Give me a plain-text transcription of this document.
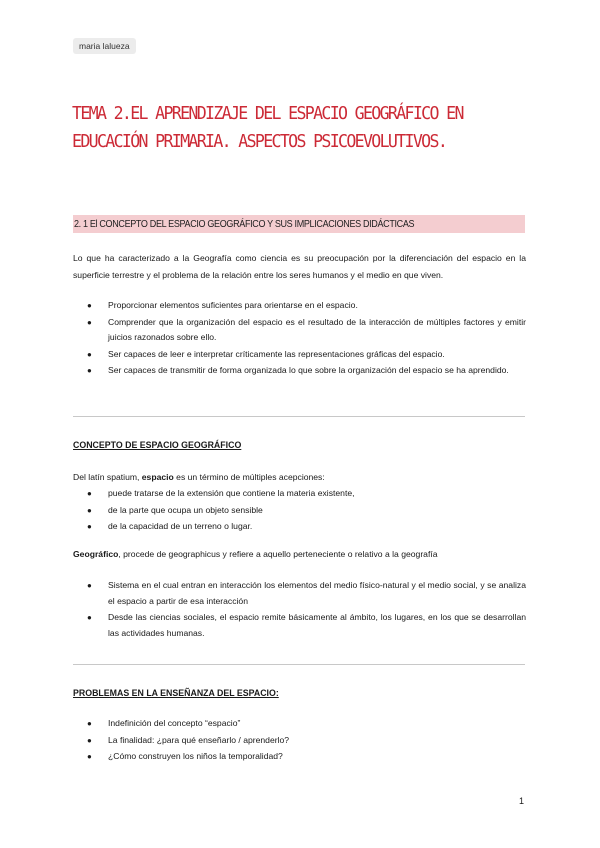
maria lalueza
TEMA 2.EL APRENDIZAJE DEL ESPACIO GEOGRÁFICO EN EDUCACIÓN PRIMARIA. ASPECTOS PSICOEVOLUTIVOS.
2. 1 El CONCEPTO DEL ESPACIO GEOGRÁFICO Y SUS IMPLICACIONES DIDÁCTICAS

Lo que ha caracterizado a la Geografía como ciencia es su preocupación por la diferenciación del espacio en la superficie terrestre y el problema de la relación entre los seres humanos y el medio en que viven.

● Proporcionar elementos suficientes para orientarse en el espacio.
● Comprender que la organización del espacio es el resultado de la interacción de múltiples factores y emitir juicios razonados sobre ello.
● Ser capaces de leer e interpretar críticamente las representaciones gráficas del espacio.
● Ser capaces de transmitir de forma organizada lo que sobre la organización del espacio se ha aprendido.
CONCEPTO DE ESPACIO GEOGRÁFICO

Del latín spatium, espacio es un término de múltiples acepciones:

● puede tratarse de la extensión que contiene la materia existente,
● de la parte que ocupa un objeto sensible
● de la capacidad de un terreno o lugar.

Geográfico, procede de geographicus y refiere a aquello perteneciente o relativo a la geografía

● Sistema en el cual entran en interacción los elementos del medio físico-natural y el medio social, y se analiza el espacio a partir de esa interacción
● Desde las ciencias sociales, el espacio remite básicamente al ámbito, los lugares, en los que se desarrollan las actividades humanas.
PROBLEMAS EN LA ENSEÑANZA DEL ESPACIO:
● Indefinición del concepto “espacio”
● La finalidad: ¿para qué enseñarlo / aprenderlo?
● ¿Cómo construyen los niños la temporalidad?
1
